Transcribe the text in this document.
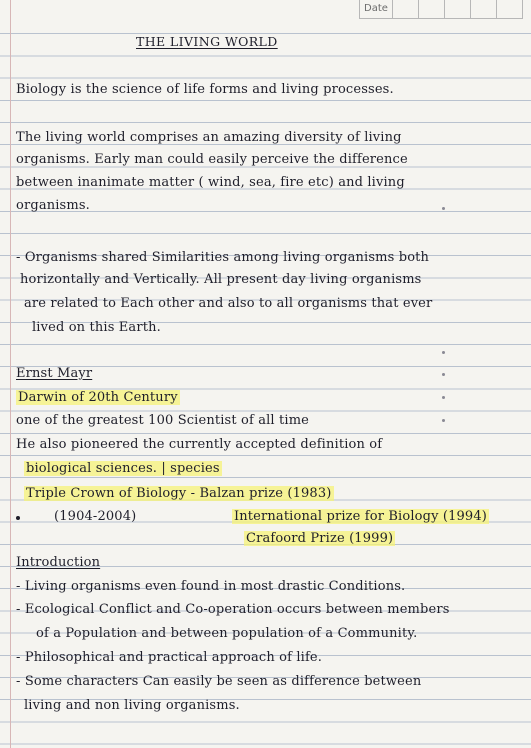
Date
THE LIVING WORLD
Biology is the science of life forms and living processes.
The living world comprises an amazing diversity of living
organisms. Early man could easily perceive the difference
between inanimate matter ( wind, sea, fire etc) and living
organisms.
- Organisms shared Similarities among living organisms both
horizontally and Vertically. All present day living organisms
are related to Each other and also to all organisms that ever
lived on this Earth.
Ernst Mayr
Darwin of 20th Century
one of the greatest 100 Scientist of all time
He also pioneered the currently accepted definition of
biological sciences. | species
Triple Crown of Biology - Balzan prize (1983)
(1904-2004)	International prize for Biology (1994)
Crafoord Prize (1999)
Introduction
- Living organisms even found in most drastic Conditions.
- Ecological Conflict and Co-operation occurs between members
of a Population and between population of a Community.
- Philosophical and practical approach of life.
- Some characters Can easily be seen as difference between
living and non living organisms.
